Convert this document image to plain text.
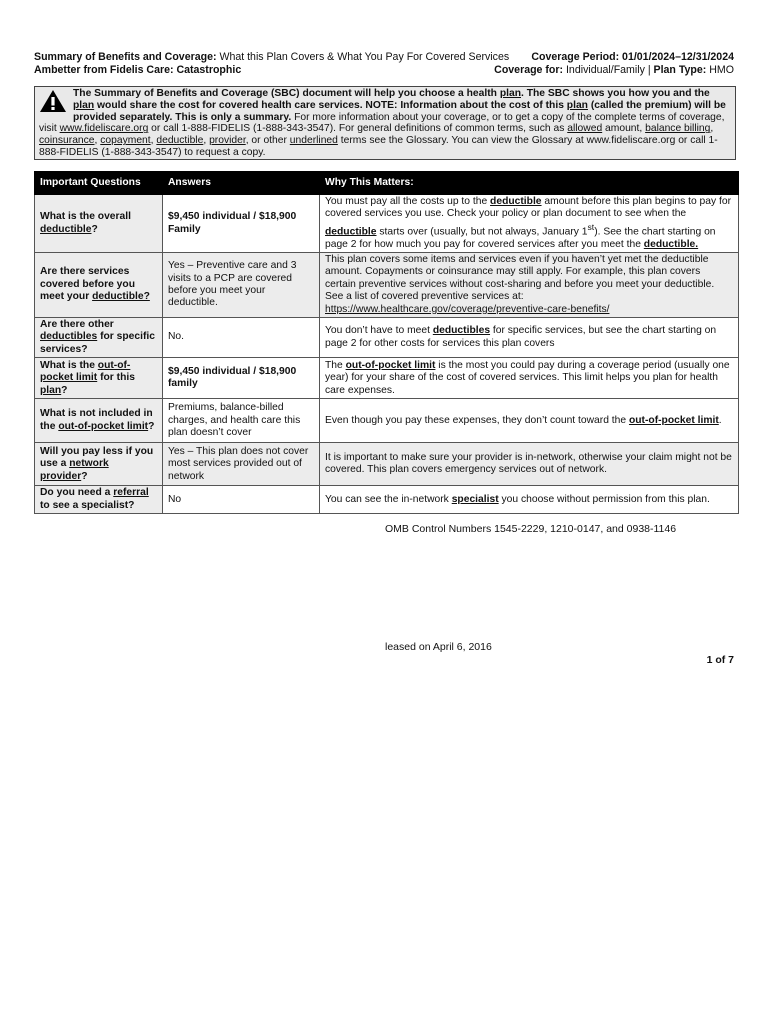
Summary of Benefits and Coverage: What this Plan Covers & What You Pay For Covered Services Coverage Period: 01/01/2024–12/31/2024
Ambetter from Fidelis Care: Catastrophic	Coverage for: Individual/Family | Plan Type: HMO
The Summary of Benefits and Coverage (SBC) document will help you choose a health plan. The SBC shows you how you and the plan would share the cost for covered health care services. NOTE: Information about the cost of this plan (called the premium) will be provided separately. This is only a summary. For more information about your coverage, or to get a copy of the complete terms of coverage, visit www.fideliscare.org or call 1-888-FIDELIS (1-888-343-3547). For general definitions of common terms, such as allowed amount, balance billing, coinsurance, copayment, deductible, provider, or other underlined terms see the Glossary. You can view the Glossary at www.fideliscare.org or call 1-888-FIDELIS (1-888-343-3547) to request a copy.
Important Questions	Answers	Why This Matters:
What is the overall deductible?	$9,450 individual / $18,900 Family	You must pay all the costs up to the deductible amount before this plan begins to pay for covered services you use. Check your policy or plan document to see when the deductible starts over (usually, but not always, January 1st). See the chart starting on page 2 for how much you pay for covered services after you meet the deductible.
Are there services covered before you meet your deductible?	Yes – Preventive care and 3 visits to a PCP are covered before you meet your deductible.	This plan covers some items and services even if you haven’t yet met the deductible amount. Copayments or coinsurance may still apply. For example, this plan covers certain preventive services without cost-sharing and before you meet your deductible. See a list of covered preventive services at: https://www.healthcare.gov/coverage/preventive-care-benefits/
Are there other deductibles for specific services?	No.	You don’t have to meet deductibles for specific services, but see the chart starting on page 2 for other costs for services this plan covers
What is the out-of-pocket limit for this plan?	$9,450 individual / $18,900 family	The out-of-pocket limit is the most you could pay during a coverage period (usually one year) for your share of the cost of covered services. This limit helps you plan for health care expenses.
What is not included in the out-of-pocket limit?	Premiums, balance-billed charges, and health care this plan doesn’t cover	Even though you pay these expenses, they don’t count toward the out-of-pocket limit.
Will you pay less if you use a network provider?	Yes – This plan does not cover most services provided out of network	It is important to make sure your provider is in-network, otherwise your claim might not be covered. This plan covers emergency services out of network.
Do you need a referral to see a specialist?	No	You can see the in-network specialist you choose without permission from this plan.
OMB Control Numbers 1545-2229, 1210-0147, and 0938-1146
leased on April 6, 2016
1 of 7
